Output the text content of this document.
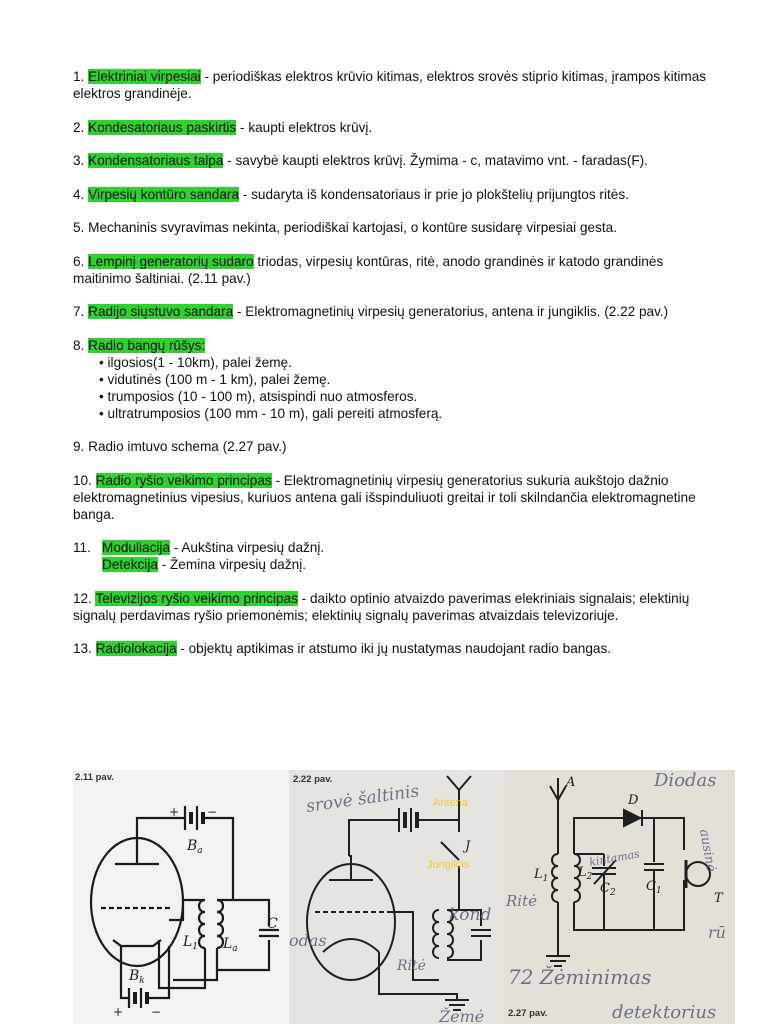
1. Elektriniai virpesiai - periodiškas elektros krūvio kitimas, elektros srovės stiprio kitimas, įrampos kitimas elektros grandinėje.

2. Kondesatoriaus paskirtis - kaupti elektros krūvį.

3. Kondensatoriaus talpa - savybė kaupti elektros krūvį. Žymima - c, matavimo vnt. - faradas(F).

4. Virpesių kontūro sandara - sudaryta iš kondensatoriaus ir prie jo plokštelių prijungtos ritės.

5. Mechaninis svyravimas nekinta, periodiškai kartojasi, o kontūre susidarę virpesiai gesta.

6. Lempinį generatorių sudaro triodas, virpesių kontūras, ritė, anodo grandinės ir katodo grandinės maitinimo šaltiniai. (2.11 pav.)

7. Radijo siųstuvo sandara - Elektromagnetinių virpesių generatorius, antena ir jungiklis. (2.22 pav.)

8. Radio bangų rūšys:
• ilgosios(1 - 10km), palei žemę.
• vidutinės (100 m - 1 km), palei žemę.
• trumposios (10 - 100 m), atsispindi nuo atmosferos.
• ultratrumposios (100 mm - 10 m), gali pereiti atmosferą.

9. Radio imtuvo schema (2.27 pav.)

10. Radio ryšio veikimo principas - Elektromagnetinių virpesių generatorius sukuria aukštojo dažnio elektromagnetinius vipesius, kuriuos antena gali išspinduliuoti greitai ir toli skilndančia elektromagnetine banga.

11. Moduliacija - Aukština virpesių dažnį.
Detekcija - Žemina virpesių dažnį.

12. Televizijos ryšio veikimo principas - daikto optinio atvaizdo paverimas elekriniais signalais; elektinių signalų perdavimas ryšio priemonėmis; elektinių signalų paverimas atvaizdais televizoriuje.

13. Radiolokacija - objektų aptikimas ir atstumo iki jų nustatymas naudojant radio bangas.

2.11 pav.
+ −
$B_a$
$B_k$
$L_1$ $L_a$
C
+ −
2.22 pav.
srovė šaltinis
kond
Ritė
Žemė
odas
J
Antena
Jungiklis
A
D
$L_1$ $L_2$
$C_2$ $C_1$	T
Diodas
kintamas
Ritė
72 Žėminimas
detektorius
ausinė
rū
2.27 pav.
